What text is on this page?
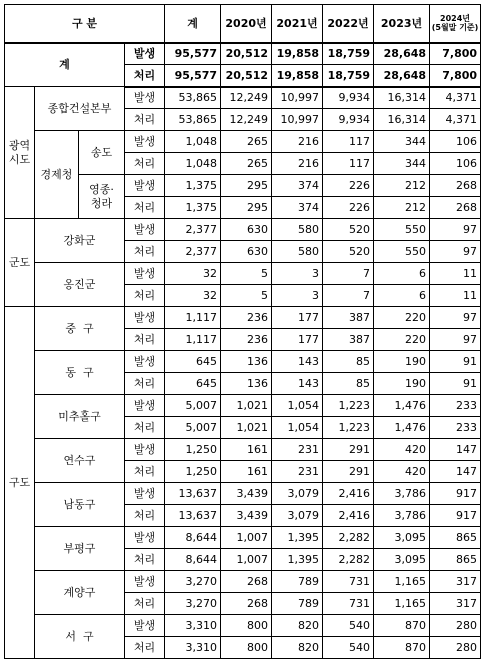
구 분				계	2020년	2021년	2022년	2023년	2024년
(5월말 기준)

계			발생	95,577	20,512	19,858	18,759	28,648	7,800
			처리	95,577	20,512	19,858	18,759	28,648	7,800
광역
시도	종합건설본부		발생	53,865	12,249	10,997	9,934	16,314	4,371
			처리	53,865	12,249	10,997	9,934	16,314	4,371
	경제청	송도	발생	1,048	265	216	117	344	106
			처리	1,048	265	216	117	344	106
		영종·
청라	발생	1,375	295	374	226	212	268
			처리	1,375	295	374	226	212	268
군도	강화군		발생	2,377	630	580	520	550	97
			처리	2,377	630	580	520	550	97
	옹진군		발생	32	5	3	7	6	11
			처리	32	5	3	7	6	11
구도	중  구		발생	1,117	236	177	387	220	97
			처리	1,117	236	177	387	220	97
	동  구		발생	645	136	143	85	190	91
			처리	645	136	143	85	190	91
	미추홀구		발생	5,007	1,021	1,054	1,223	1,476	233
			처리	5,007	1,021	1,054	1,223	1,476	233
	연수구		발생	1,250	161	231	291	420	147
			처리	1,250	161	231	291	420	147
	남동구		발생	13,637	3,439	3,079	2,416	3,786	917
			처리	13,637	3,439	3,079	2,416	3,786	917
	부평구		발생	8,644	1,007	1,395	2,282	3,095	865
			처리	8,644	1,007	1,395	2,282	3,095	865
	계양구		발생	3,270	268	789	731	1,165	317
			처리	3,270	268	789	731	1,165	317
	서  구		발생	3,310	800	820	540	870	280
			처리	3,310	800	820	540	870	280
